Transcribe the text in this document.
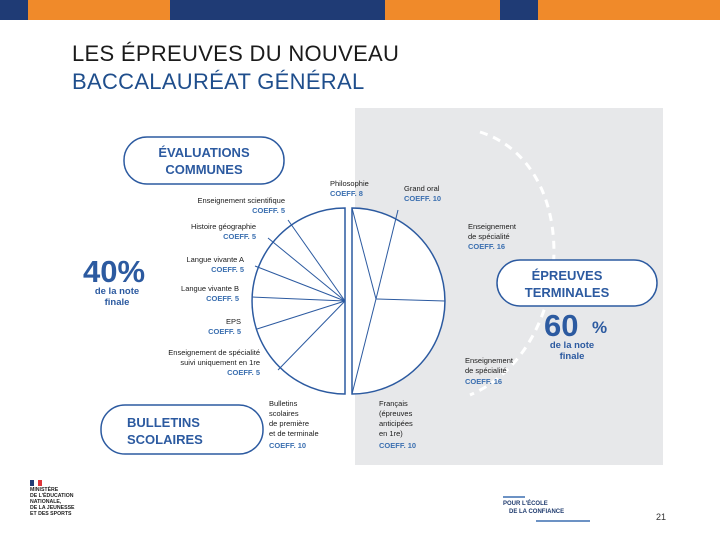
LES ÉPREUVES DU NOUVEAU
BACCALAURÉAT GÉNÉRAL
ÉVALUATIONS
COMMUNES
40%
de la note
finale
Enseignement scientifique
COEFF. 5
Histoire géographie
COEFF. 5
Langue vivante A
COEFF. 5
Langue vivante B
COEFF. 5
EPS
COEFF. 5
Enseignement de spécialité
suivi uniquement en 1re
COEFF. 5
BULLETINS
SCOLAIRES
Bulletins
scolaires
de première
et de terminale
COEFF. 10
Philosophie
COEFF. 8
Grand oral
COEFF. 10
Enseignement
de spécialité
COEFF. 16
Enseignement
de spécialité
COEFF. 16
Français
(épreuves
anticipées
en 1re)
COEFF. 10
ÉPREUVES
TERMINALES
60 %
de la note
finale
MINISTÈRE
DE L'ÉDUCATION
NATIONALE,
DE LA JEUNESSE
ET DES SPORTS
POUR L'ÉCOLE
DE LA CONFIANCE	21
